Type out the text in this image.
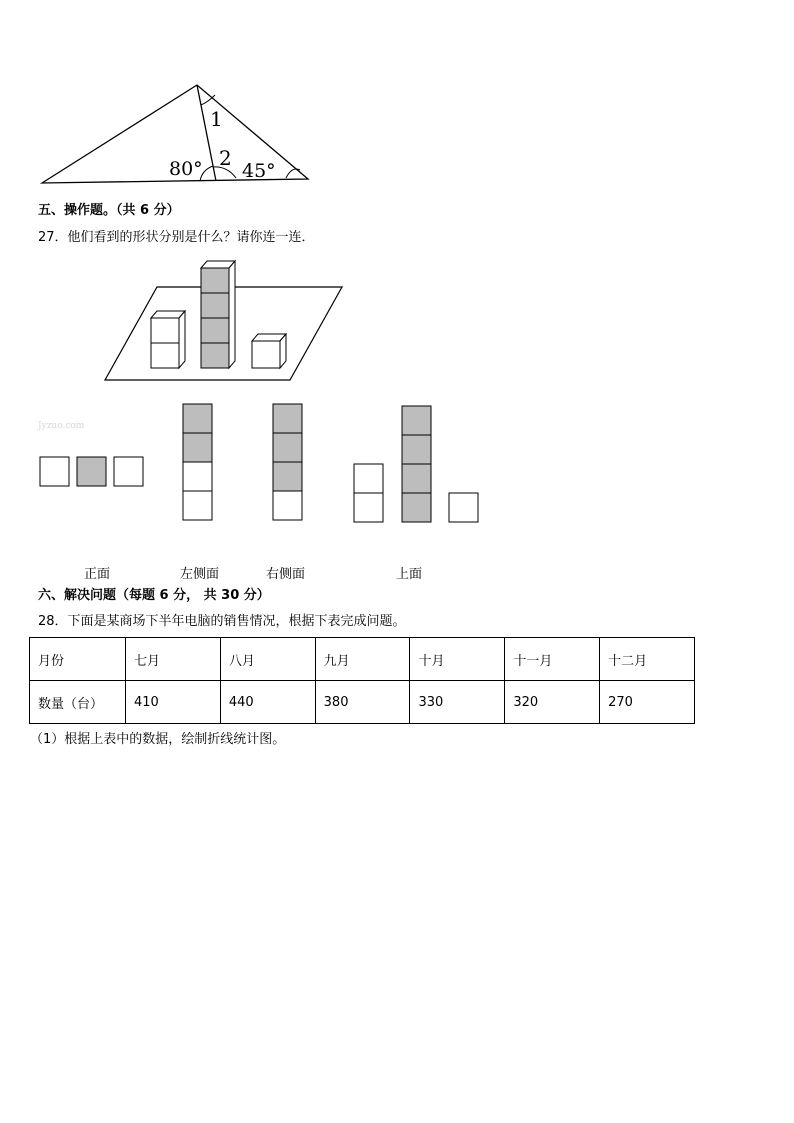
1
2
80° 45°
五、操作题。（共 6 分）
27．他们看到的形状分别是什么？请你连一连．
Jyzuo.com
正面	左侧面	右侧面	上面
六、解决问题（每题 6 分， 共 30 分）
28．下面是某商场下半年电脑的销售情况，根据下表完成问题。
月份	七月	八月	九月	十月	十一月	十二月
数量（台）	410	440	380	330	320	270
（1）根据上表中的数据，绘制折线统计图。
